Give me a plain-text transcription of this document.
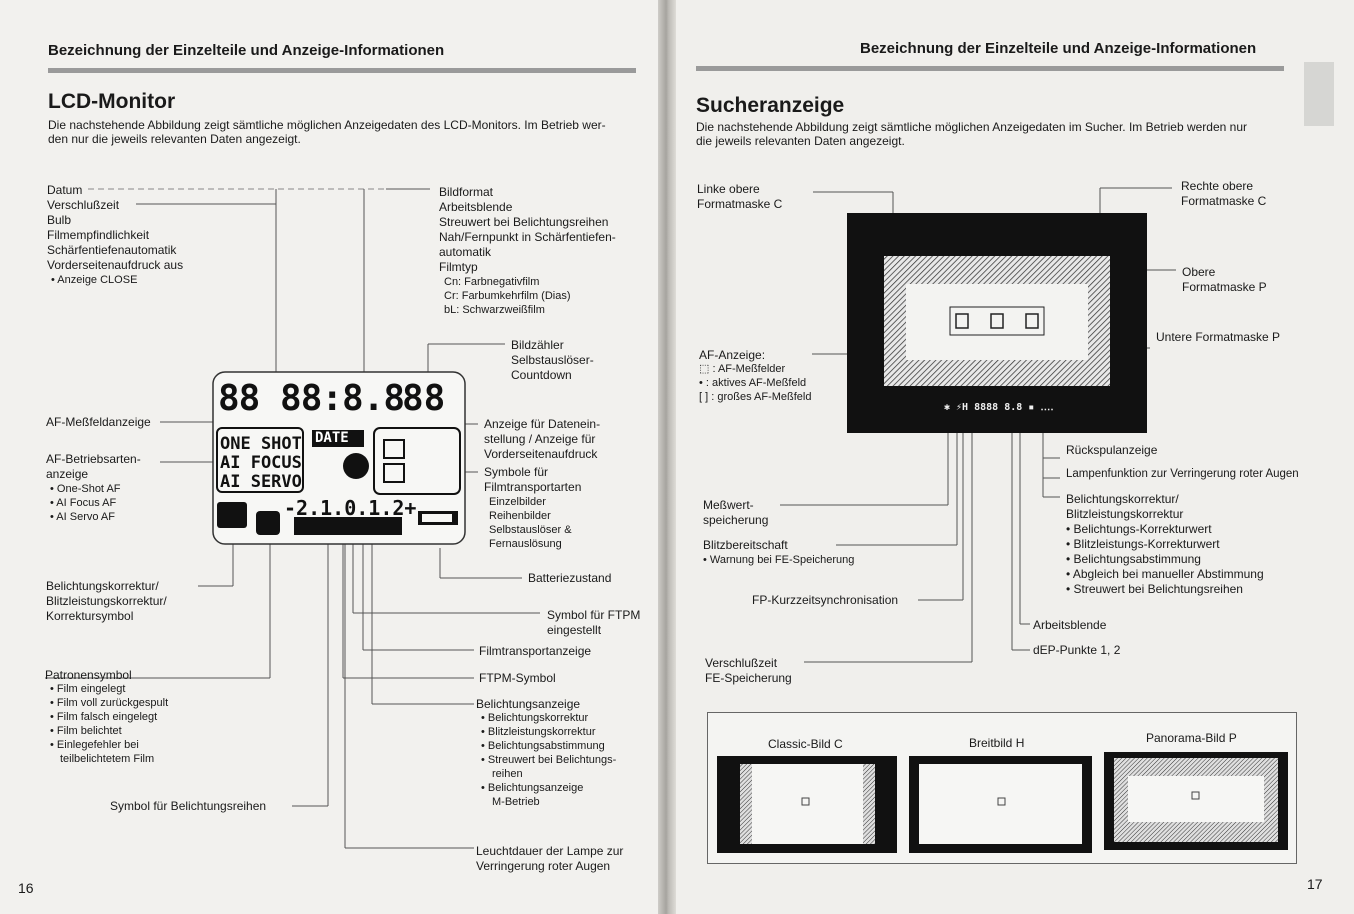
Bezeichnung der Einzelteile und Anzeige-Informationen
LCD-Monitor
Die nachstehende Abbildung zeigt sämtliche möglichen Anzeigedaten des LCD-Monitors. Im Betrieb wer-
den nur die jeweils relevanten Daten angezeigt.
Datum
Verschlußzeit
Bulb
Filmempfindlichkeit
Schärfentiefenautomatik
Vorderseitenaufdruck aus
• Anzeige CLOSE
AF-Meßfeldanzeige
AF-Betriebsarten-
anzeige
• One-Shot AF
• AI Focus AF
• AI Servo AF
Belichtungskorrektur/
Blitzleistungskorrektur/
Korrektursymbol
Patronensymbol
• Film eingelegt
• Film voll zurückgespult
• Film falsch eingelegt
• Film belichtet
• Einlegefehler bei
teilbelichtetem Film
Symbol für Belichtungsreihen
Bildformat
Arbeitsblende
Streuwert bei Belichtungsreihen
Nah/Fernpunkt in Schärfentiefen-
automatik
Filmtyp
Cn: Farbnegativfilm
Cr: Farbumkehrfilm (Dias)
bL: Schwarzweißfilm
Bildzähler
Selbstauslöser-
Countdown
Anzeige für Datenein-
stellung / Anzeige für
Vorderseitenaufdruck
Symbole für
Filmtransportarten
Einzelbilder
Reihenbilder
Selbstauslöser &
Fernauslösung
Batteriezustand
Symbol für FTPM
eingestellt
Filmtransportanzeige
FTPM-Symbol
Belichtungsanzeige
• Belichtungskorrektur
• Blitzleistungskorrektur
• Belichtungsabstimmung
• Streuwert bei Belichtungs-
reihen
• Belichtungsanzeige
M-Betrieb
Leuchtdauer der Lampe zur
Verringerung roter Augen
88 88:8.8
88
ONE SHOT
AI FOCUS
AI SERVO
DATE
-2.1.0.1.2+
16
Bezeichnung der Einzelteile und Anzeige-Informationen
Sucheranzeige
Die nachstehende Abbildung zeigt sämtliche möglichen Anzeigedaten im Sucher. Im Betrieb werden nur
die jeweils relevanten Daten angezeigt.
✱ ⚡H 8888 8.8 ▪ ‥‥
Linke obere
Formatmaske C
Rechte obere
Formatmaske C
Obere
Formatmaske P
Untere Formatmaske P
AF-Anzeige:
⬚ : AF-Meßfelder
• : aktives AF-Meßfeld
[ ] : großes AF-Meßfeld
Rückspulanzeige
Lampenfunktion zur Verringerung roter Augen
Belichtungskorrektur/
Blitzleistungskorrektur
• Belichtungs-Korrekturwert
• Blitzleistungs-Korrekturwert
• Belichtungsabstimmung
• Abgleich bei manueller Abstimmung
• Streuwert bei Belichtungsreihen
Meßwert-
speicherung
Blitzbereitschaft
• Warnung bei FE-Speicherung
FP-Kurzzeitsynchronisation
Arbeitsblende
dEP-Punkte 1, 2
Verschlußzeit
FE-Speicherung
Classic-Bild C	Breitbild H	Panorama-Bild P
17
